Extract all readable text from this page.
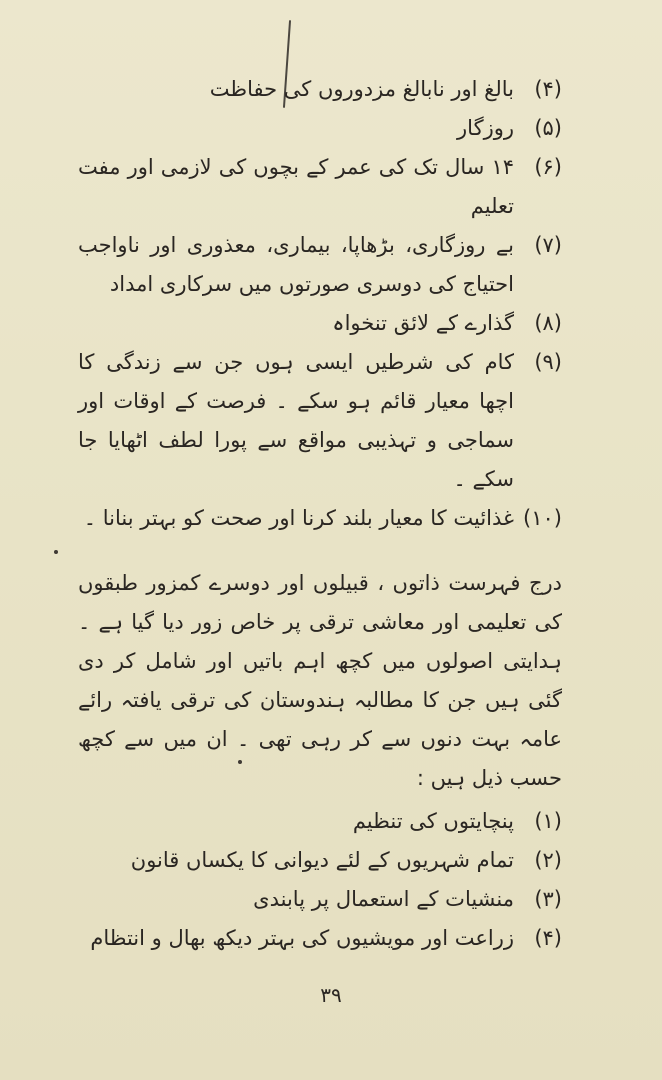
(۴)
بالغ اور نابالغ مزدوروں کی حفاظت
(۵)
روزگار
(۶)
۱۴ سال تک کی عمر کے بچوں کی لازمی اور مفت تعلیم
(۷)
بے روزگاری، بڑھاپا، بیماری، معذوری اور ناواجب احتیاج کی دوسری صورتوں میں سرکاری امداد
(۸)
گذارے کے لائق تنخواہ
(۹)
کام کی شرطیں ایسی ہوں جن سے زندگی کا اچھا معیار قائم ہو سکے ۔ فرصت کے اوقات اور سماجی و تہذیبی مواقع سے پورا لطف اٹھایا جا سکے ۔
(۱۰)
غذائیت کا معیار بلند کرنا اور صحت کو بہتر بنانا ۔
درج فہرست ذاتوں ، قبیلوں اور دوسرے کمزور طبقوں کی تعلیمی اور معاشی ترقی پر خاص زور دیا گیا ہے ۔ ہدایتی اصولوں میں کچھ اہم باتیں اور شامل کر دی گئی ہیں جن کا مطالبہ ہندوستان کی ترقی یافتہ رائے عامہ بہت دنوں سے کر رہی تھی ۔ ان میں سے کچھ حسب ذیل ہیں :
(۱)
پنچایتوں کی تنظیم
(۲)
تمام شہریوں کے لئے دیوانی کا یکساں قانون
(۳)
منشیات کے استعمال پر پابندی
(۴)
زراعت اور مویشیوں کی بہتر دیکھ بھال و انتظام
۳۹
